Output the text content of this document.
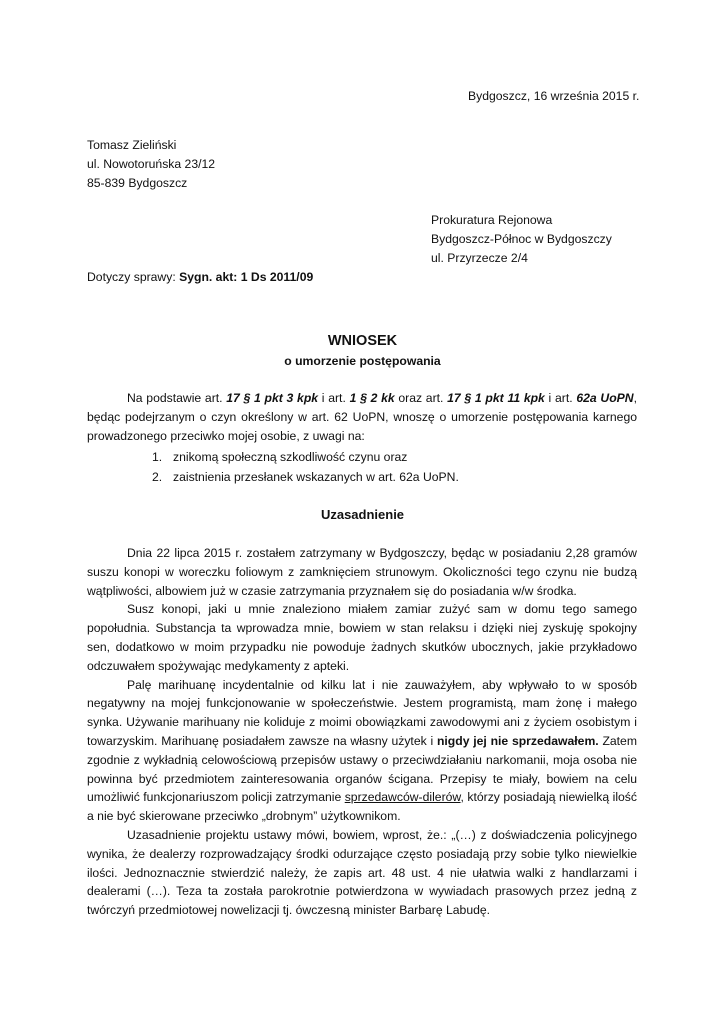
Bydgoszcz, 16 września 2015 r.
Tomasz Zieliński
ul. Nowotoruńska 23/12
85-839 Bydgoszcz
Prokuratura Rejonowa
Bydgoszcz-Północ w Bydgoszczy
ul. Przyrzecze 2/4
Dotyczy sprawy: Sygn. akt: 1 Ds 2011/09
WNIOSEK
o umorzenie postępowania

Na podstawie art. 17 § 1 pkt 3 kpk i art. 1 § 2 kk oraz art. 17 § 1 pkt 11 kpk i art. 62a UoPN, będąc podejrzanym o czyn określony w art. 62 UoPN, wnoszę o umorzenie postępowania karnego prowadzonego przeciwko mojej osobie, z uwagi na:

1. znikomą społeczną szkodliwość czynu oraz
2. zaistnienia przesłanek wskazanych w art. 62a UoPN.
Uzasadnienie

Dnia 22 lipca 2015 r. zostałem zatrzymany w Bydgoszczy, będąc w posiadaniu 2,28 gramów suszu konopi w woreczku foliowym z zamknięciem strunowym. Okoliczności tego czynu nie budzą wątpliwości, albowiem już w czasie zatrzymania przyznałem się do posiadania w/w środka.

Susz konopi, jaki u mnie znaleziono miałem zamiar zużyć sam w domu tego samego popołudnia. Substancja ta wprowadza mnie, bowiem w stan relaksu i dzięki niej zyskuję spokojny sen, dodatkowo w moim przypadku nie powoduje żadnych skutków ubocznych, jakie przykładowo odczuwałem spożywając medykamenty z apteki.

Palę marihuanę incydentalnie od kilku lat i nie zauważyłem, aby wpływało to w sposób negatywny na mojej funkcjonowanie w społeczeństwie. Jestem programistą, mam żonę i małego synka. Używanie marihuany nie koliduje z moimi obowiązkami zawodowymi ani z życiem osobistym i towarzyskim. Marihuanę posiadałem zawsze na własny użytek i nigdy jej nie sprzedawałem. Zatem zgodnie z wykładnią celowościową przepisów ustawy o przeciwdziałaniu narkomanii, moja osoba nie powinna być przedmiotem zainteresowania organów ścigana. Przepisy te miały, bowiem na celu umożliwić funkcjonariuszom policji zatrzymanie sprzedawców-dilerów, którzy posiadają niewielką ilość a nie być skierowane przeciwko „drobnym” użytkownikom.

Uzasadnienie projektu ustawy mówi, bowiem, wprost, że.: „(…) z doświadczenia policyjnego wynika, że dealerzy rozprowadzający środki odurzające często posiadają przy sobie tylko niewielkie ilości. Jednoznacznie stwierdzić należy, że zapis art. 48 ust. 4 nie ułatwia walki z handlarzami i dealerami (…). Teza ta została parokrotnie potwierdzona w wywiadach prasowych przez jedną z twórczyń przedmiotowej nowelizacji tj. ówczesną minister Barbarę Labudę.
